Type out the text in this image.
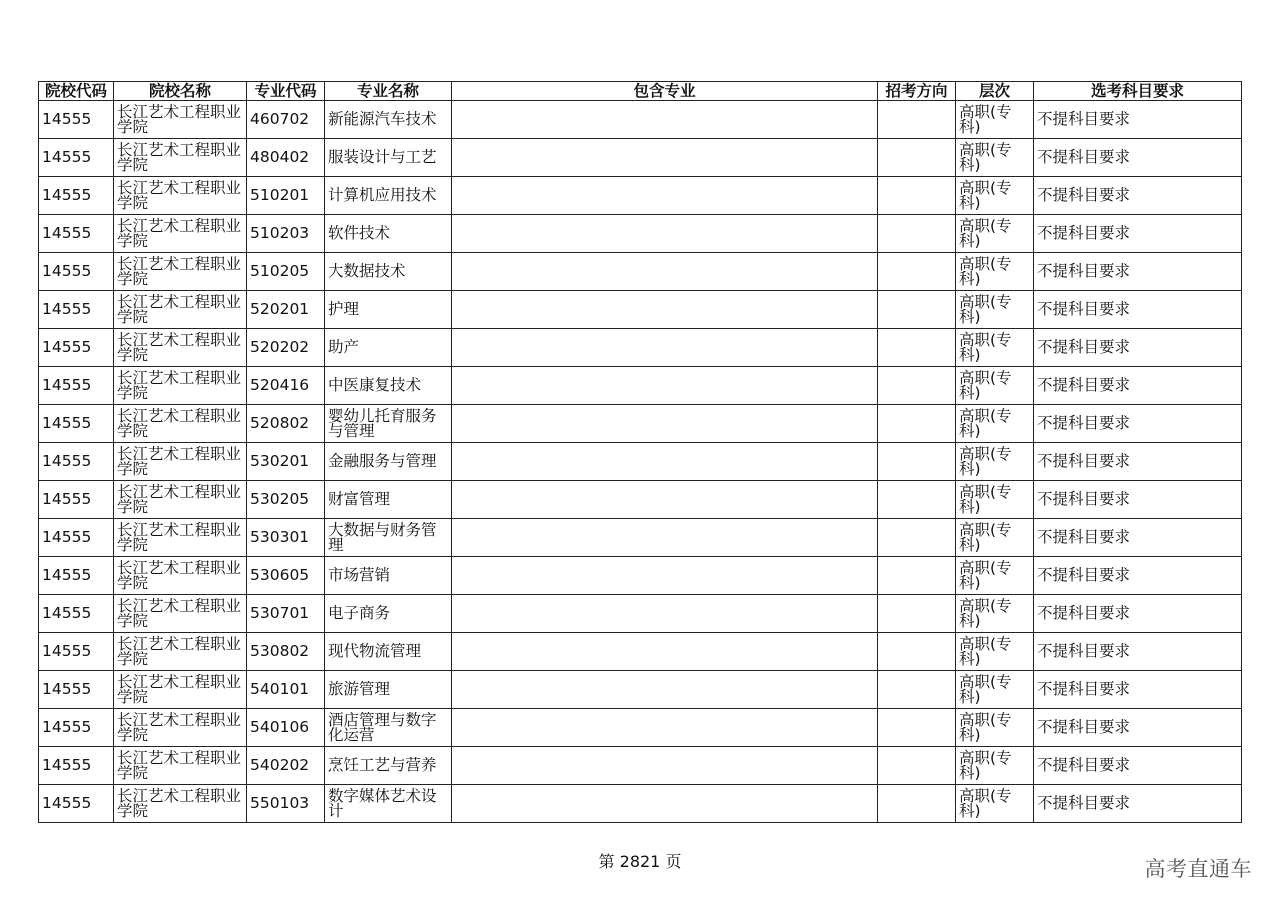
院校代码	院校名称	专业代码	专业名称	包含专业	招考方向	层次	选考科目要求
14555	长江艺术工程职业学院	460702	新能源汽车技术			高职(专科)	不提科目要求
14555	长江艺术工程职业学院	480402	服装设计与工艺			高职(专科)	不提科目要求
14555	长江艺术工程职业学院	510201	计算机应用技术			高职(专科)	不提科目要求
14555	长江艺术工程职业学院	510203	软件技术			高职(专科)	不提科目要求
14555	长江艺术工程职业学院	510205	大数据技术			高职(专科)	不提科目要求
14555	长江艺术工程职业学院	520201	护理			高职(专科)	不提科目要求
14555	长江艺术工程职业学院	520202	助产			高职(专科)	不提科目要求
14555	长江艺术工程职业学院	520416	中医康复技术			高职(专科)	不提科目要求
14555	长江艺术工程职业学院	520802	婴幼儿托育服务与管理			高职(专科)	不提科目要求
14555	长江艺术工程职业学院	530201	金融服务与管理			高职(专科)	不提科目要求
14555	长江艺术工程职业学院	530205	财富管理			高职(专科)	不提科目要求
14555	长江艺术工程职业学院	530301	大数据与财务管理			高职(专科)	不提科目要求
14555	长江艺术工程职业学院	530605	市场营销			高职(专科)	不提科目要求
14555	长江艺术工程职业学院	530701	电子商务			高职(专科)	不提科目要求
14555	长江艺术工程职业学院	530802	现代物流管理			高职(专科)	不提科目要求
14555	长江艺术工程职业学院	540101	旅游管理			高职(专科)	不提科目要求
14555	长江艺术工程职业学院	540106	酒店管理与数字化运营			高职(专科)	不提科目要求
14555	长江艺术工程职业学院	540202	烹饪工艺与营养			高职(专科)	不提科目要求
14555	长江艺术工程职业学院	550103	数字媒体艺术设计			高职(专科)	不提科目要求
第 2821 页	高考直通车
